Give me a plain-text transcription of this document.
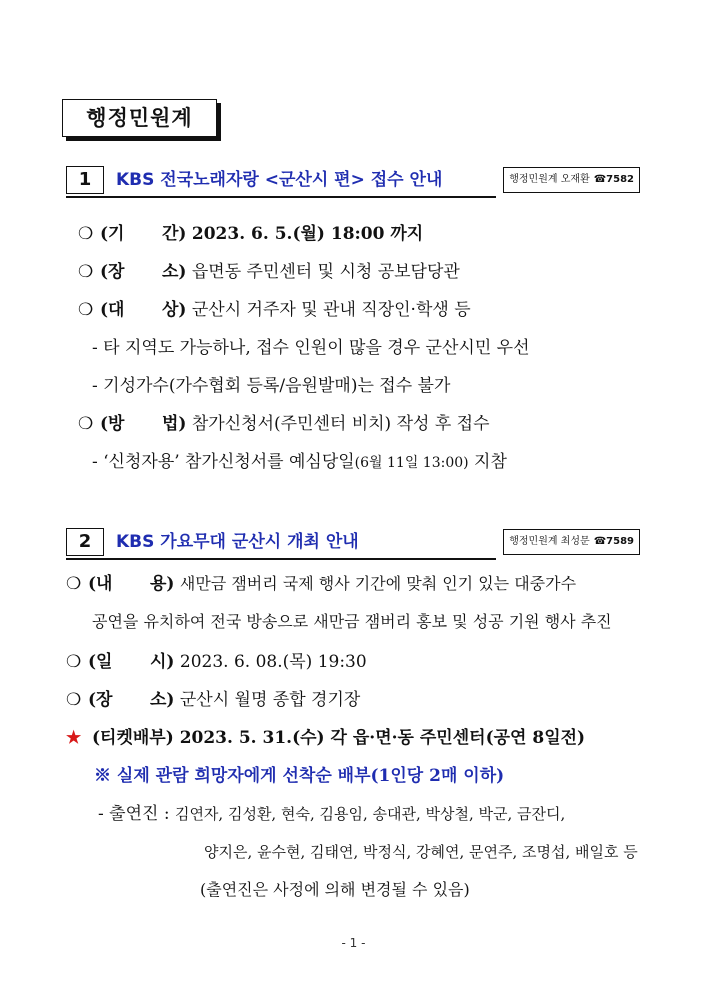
행정민원계
1	KBS 전국노래자랑 <군산시 편> 접수 안내	행정민원계 오재환 ☎7582
❍ (기 간) 2023. 6. 5.(월) 18:00 까지
❍ (장 소) 읍면동 주민센터 및 시청 공보담당관
❍ (대 상) 군산시 거주자 및 관내 직장인·학생 등
- 타 지역도 가능하나, 접수 인원이 많을 경우 군산시민 우선
- 기성가수(가수협회 등록/음원발매)는 접수 불가
❍ (방 법) 참가신청서(주민센터 비치) 작성 후 접수
- ‘신청자용’ 참가신청서를 예심당일(6월 11일 13:00) 지참
2	KBS 가요무대 군산시 개최 안내	행정민원계 최성문 ☎7589
❍ (내 용) 새만금 잼버리 국제 행사 기간에 맞춰 인기 있는 대중가수
공연을 유치하여 전국 방송으로 새만금 잼버리 홍보 및 성공 기원 행사 추진
❍ (일 시) 2023. 6. 08.(목) 19:30
❍ (장 소) 군산시 월명 종합 경기장
★ (티켓배부) 2023. 5. 31.(수) 각 읍·면·동 주민센터(공연 8일전)
※ 실제 관람 희망자에게 선착순 배부(1인당 2매 이하)
- 출연진 : 김연자, 김성환, 현숙, 김용임, 송대관, 박상철, 박군, 금잔디,
양지은, 윤수현, 김태연, 박정식, 강혜연, 문연주, 조명섭, 배일호 등
(출연진은 사정에 의해 변경될 수 있음)
- 1 -
